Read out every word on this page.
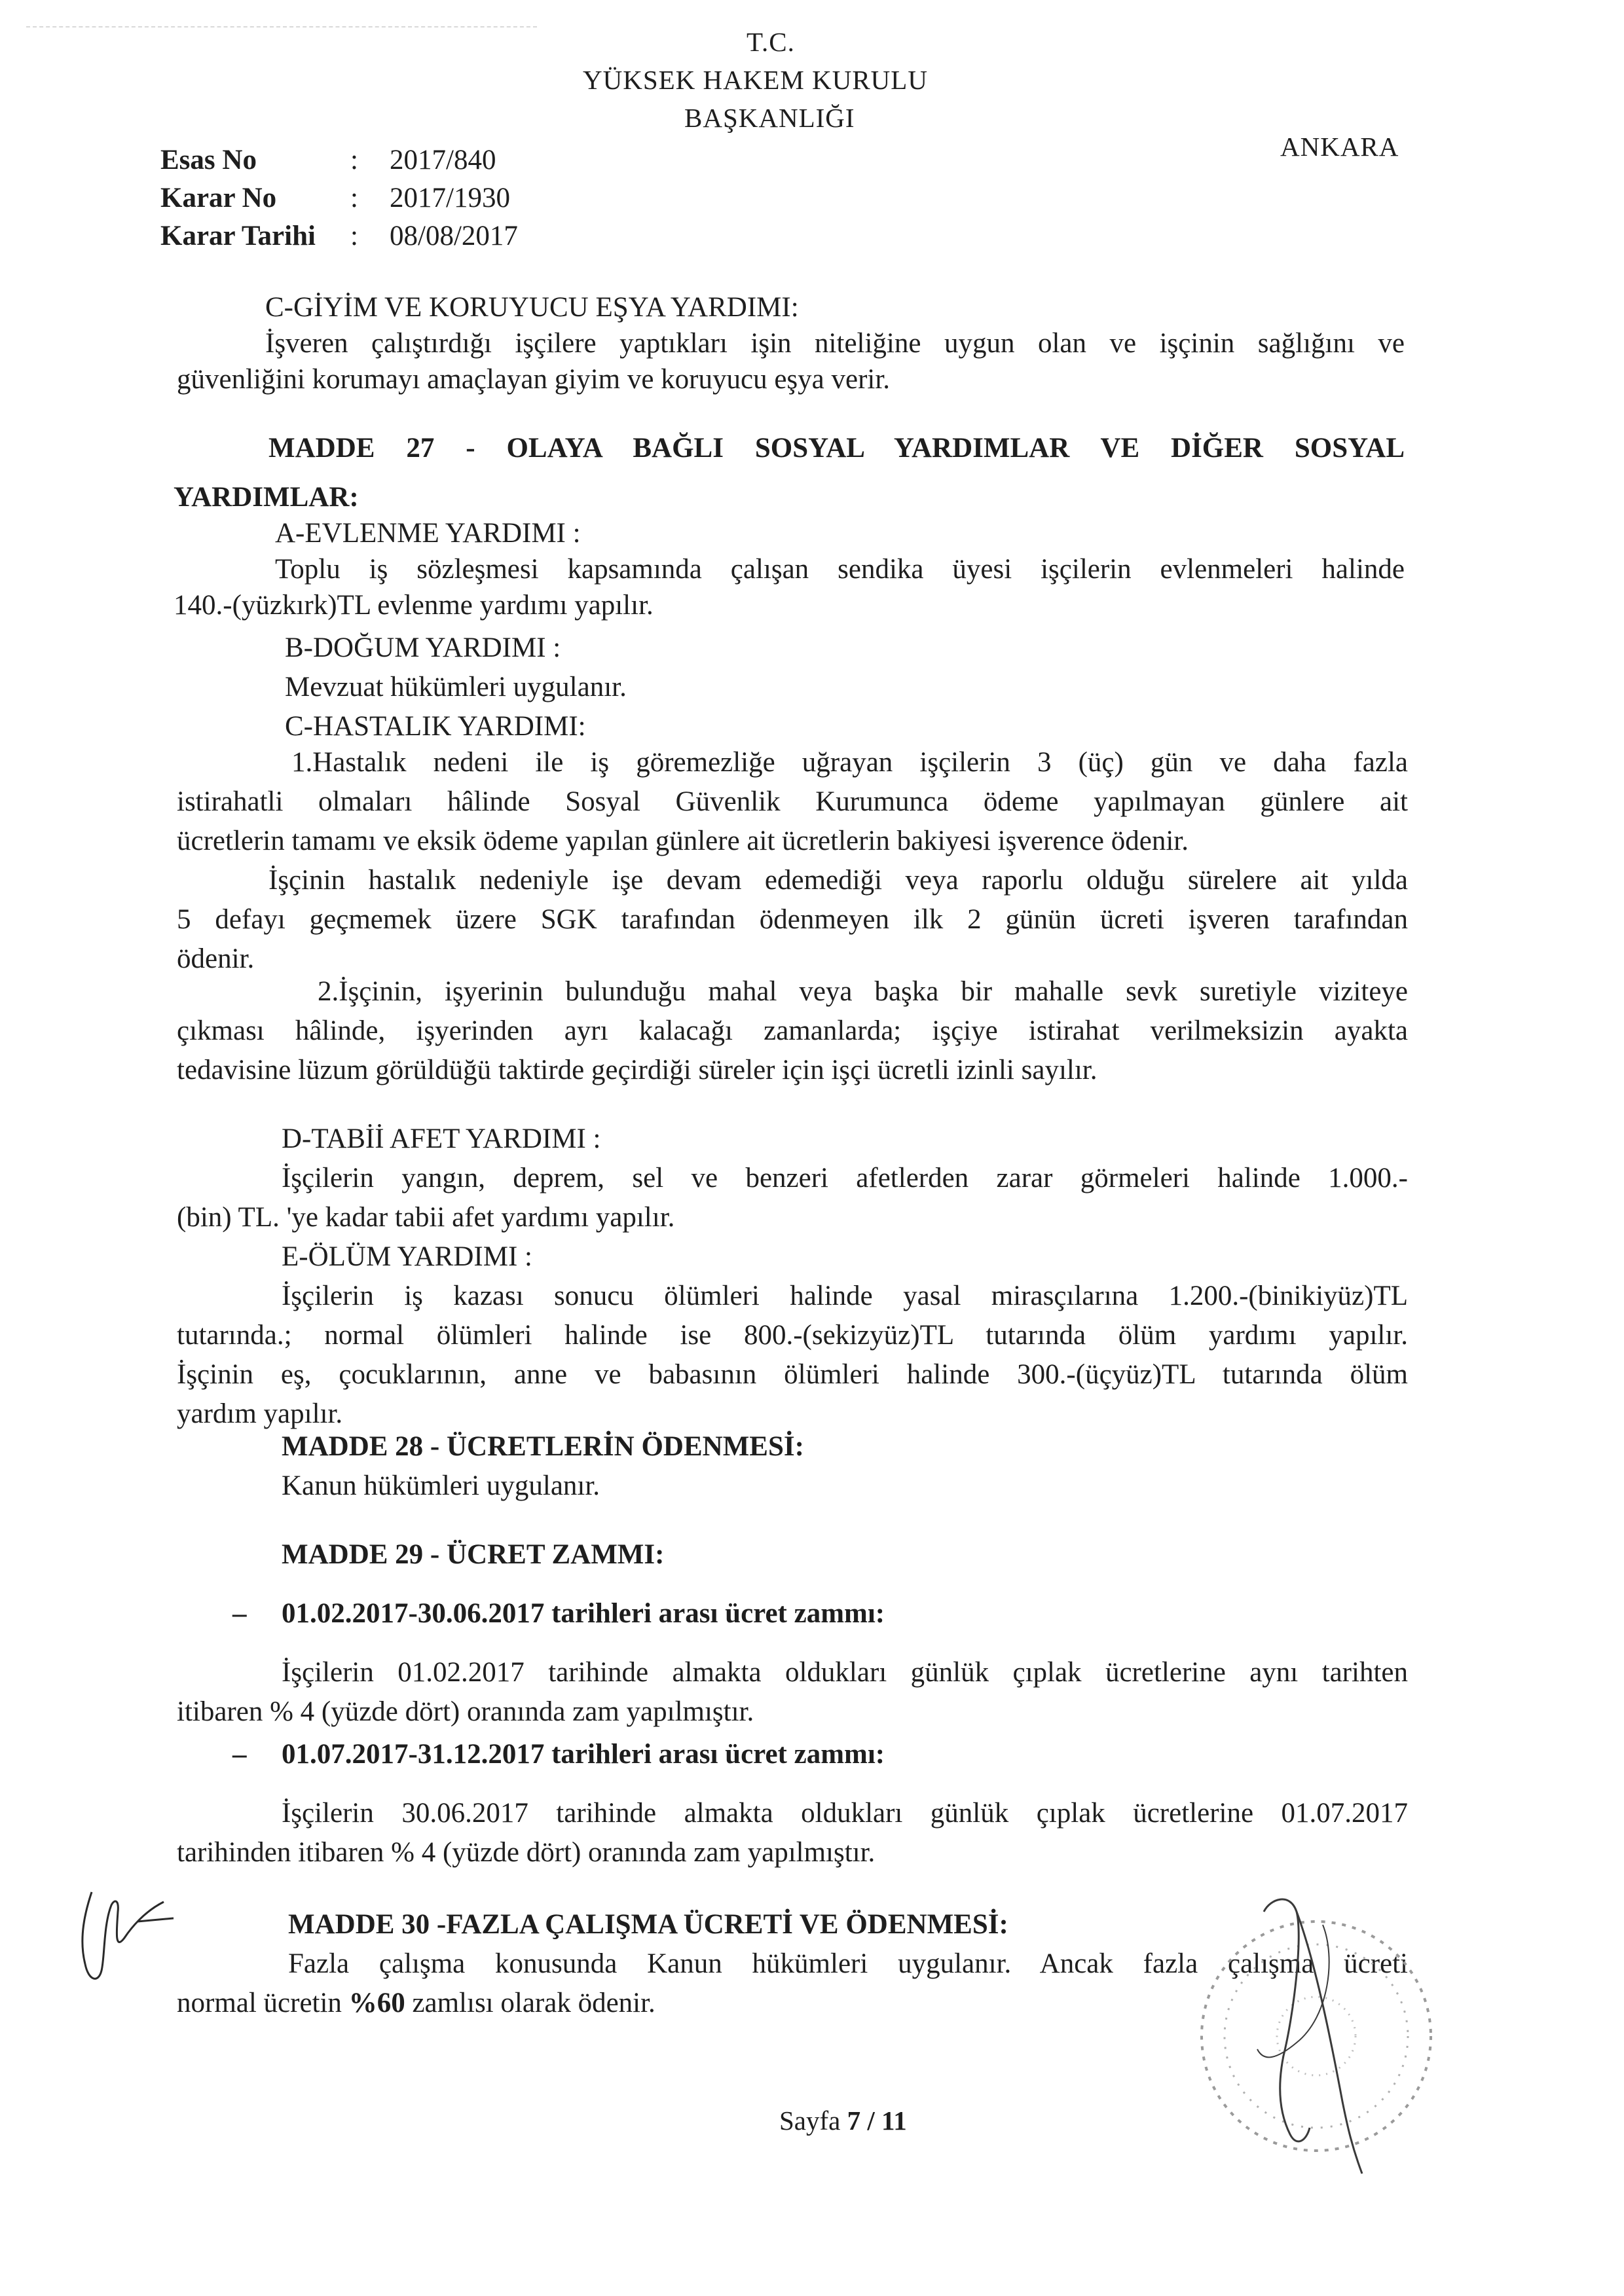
T.C.
YÜKSEK HAKEM KURULU
BAŞKANLIĞI
ANKARA
Esas No	: 2017/840
Karar No	: 2017/1930
Karar Tarihi : 08/08/2017
C-GİYİM VE KORUYUCU EŞYA YARDIMI:
İşveren çalıştırdığı işçilere yaptıkları işin niteliğine uygun olan ve işçinin sağlığını ve
güvenliğini korumayı amaçlayan giyim ve koruyucu eşya verir.
MADDE 27 - OLAYA BAĞLI SOSYAL YARDIMLAR VE DİĞER SOSYAL
YARDIMLAR:
A-EVLENME YARDIMI :
Toplu iş sözleşmesi kapsamında çalışan sendika üyesi işçilerin evlenmeleri halinde
140.-(yüzkırk)TL evlenme yardımı yapılır.
B-DOĞUM YARDIMI :
Mevzuat hükümleri uygulanır.
C-HASTALIK YARDIMI:
1.Hastalık nedeni ile iş göremezliğe uğrayan işçilerin 3 (üç) gün ve daha fazla
istirahatli olmaları hâlinde Sosyal Güvenlik Kurumunca ödeme yapılmayan günlere ait
ücretlerin tamamı ve eksik ödeme yapılan günlere ait ücretlerin bakiyesi işverence ödenir.
İşçinin hastalık nedeniyle işe devam edemediği veya raporlu olduğu sürelere ait yılda
5 defayı geçmemek üzere SGK tarafından ödenmeyen ilk 2 günün ücreti işveren tarafından
ödenir.
2.İşçinin, işyerinin bulunduğu mahal veya başka bir mahalle sevk suretiyle viziteye
çıkması hâlinde, işyerinden ayrı kalacağı zamanlarda; işçiye istirahat verilmeksizin ayakta
tedavisine lüzum görüldüğü taktirde geçirdiği süreler için işçi ücretli izinli sayılır.
D-TABİİ AFET YARDIMI :
İşçilerin yangın, deprem, sel ve benzeri afetlerden zarar görmeleri halinde 1.000.-
(bin) TL. 'ye kadar tabii afet yardımı yapılır.
E-ÖLÜM YARDIMI :
İşçilerin iş kazası sonucu ölümleri halinde yasal mirasçılarına 1.200.-(binikiyüz)TL
tutarında.; normal ölümleri halinde ise 800.-(sekizyüz)TL tutarında ölüm yardımı yapılır.
İşçinin eş, çocuklarının, anne ve babasının ölümleri halinde 300.-(üçyüz)TL tutarında ölüm
yardım yapılır.
MADDE 28 - ÜCRETLERİN ÖDENMESİ:
Kanun hükümleri uygulanır.
MADDE 29 - ÜCRET ZAMMI:
– 01.02.2017-30.06.2017 tarihleri arası ücret zammı:
İşçilerin 01.02.2017 tarihinde almakta oldukları günlük çıplak ücretlerine aynı tarihten
itibaren % 4 (yüzde dört) oranında zam yapılmıştır.
– 01.07.2017-31.12.2017 tarihleri arası ücret zammı:
İşçilerin 30.06.2017 tarihinde almakta oldukları günlük çıplak ücretlerine 01.07.2017
tarihinden itibaren % 4 (yüzde dört) oranında zam yapılmıştır.
MADDE 30 -FAZLA ÇALIŞMA ÜCRETİ VE ÖDENMESİ:
Fazla çalışma konusunda Kanun hükümleri uygulanır. Ancak fazla çalışma ücreti
normal ücretin %60 zamlısı olarak ödenir.
Sayfa 7 / 11
